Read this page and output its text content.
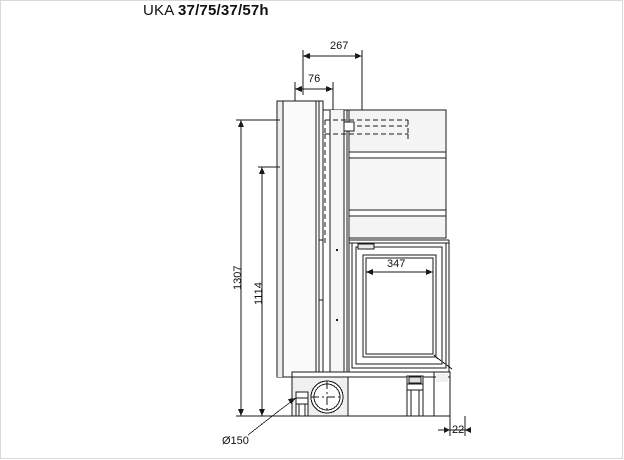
UKA 37/75/37/57h
267
76
1307
1114
347
22
Ø150
